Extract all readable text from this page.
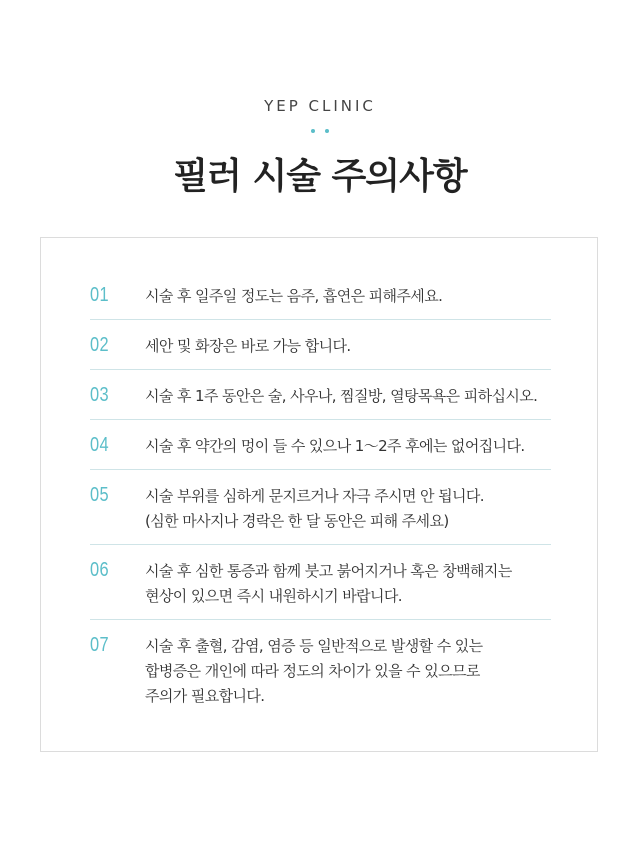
YEP CLINIC

필러 시술 주의사항
01 시술 후 일주일 정도는 음주, 흡연은 피해주세요.
02 세안 및 화장은 바로 가능 합니다.
03 시술 후 1주 동안은 술, 사우나, 찜질방, 열탕목욕은 피하십시오.
04 시술 후 약간의 멍이 들 수 있으나 1～2주 후에는 없어집니다.
05 시술 부위를 심하게 문지르거나 자극 주시면 안 됩니다.
(심한 마사지나 경락은 한 달 동안은 피해 주세요)
06 시술 후 심한 통증과 함께 붓고 붉어지거나 혹은 창백해지는
현상이 있으면 즉시 내원하시기 바랍니다.
07 시술 후 출혈, 감염, 염증 등 일반적으로 발생할 수 있는
합병증은 개인에 따라 정도의 차이가 있을 수 있으므로
주의가 필요합니다.
